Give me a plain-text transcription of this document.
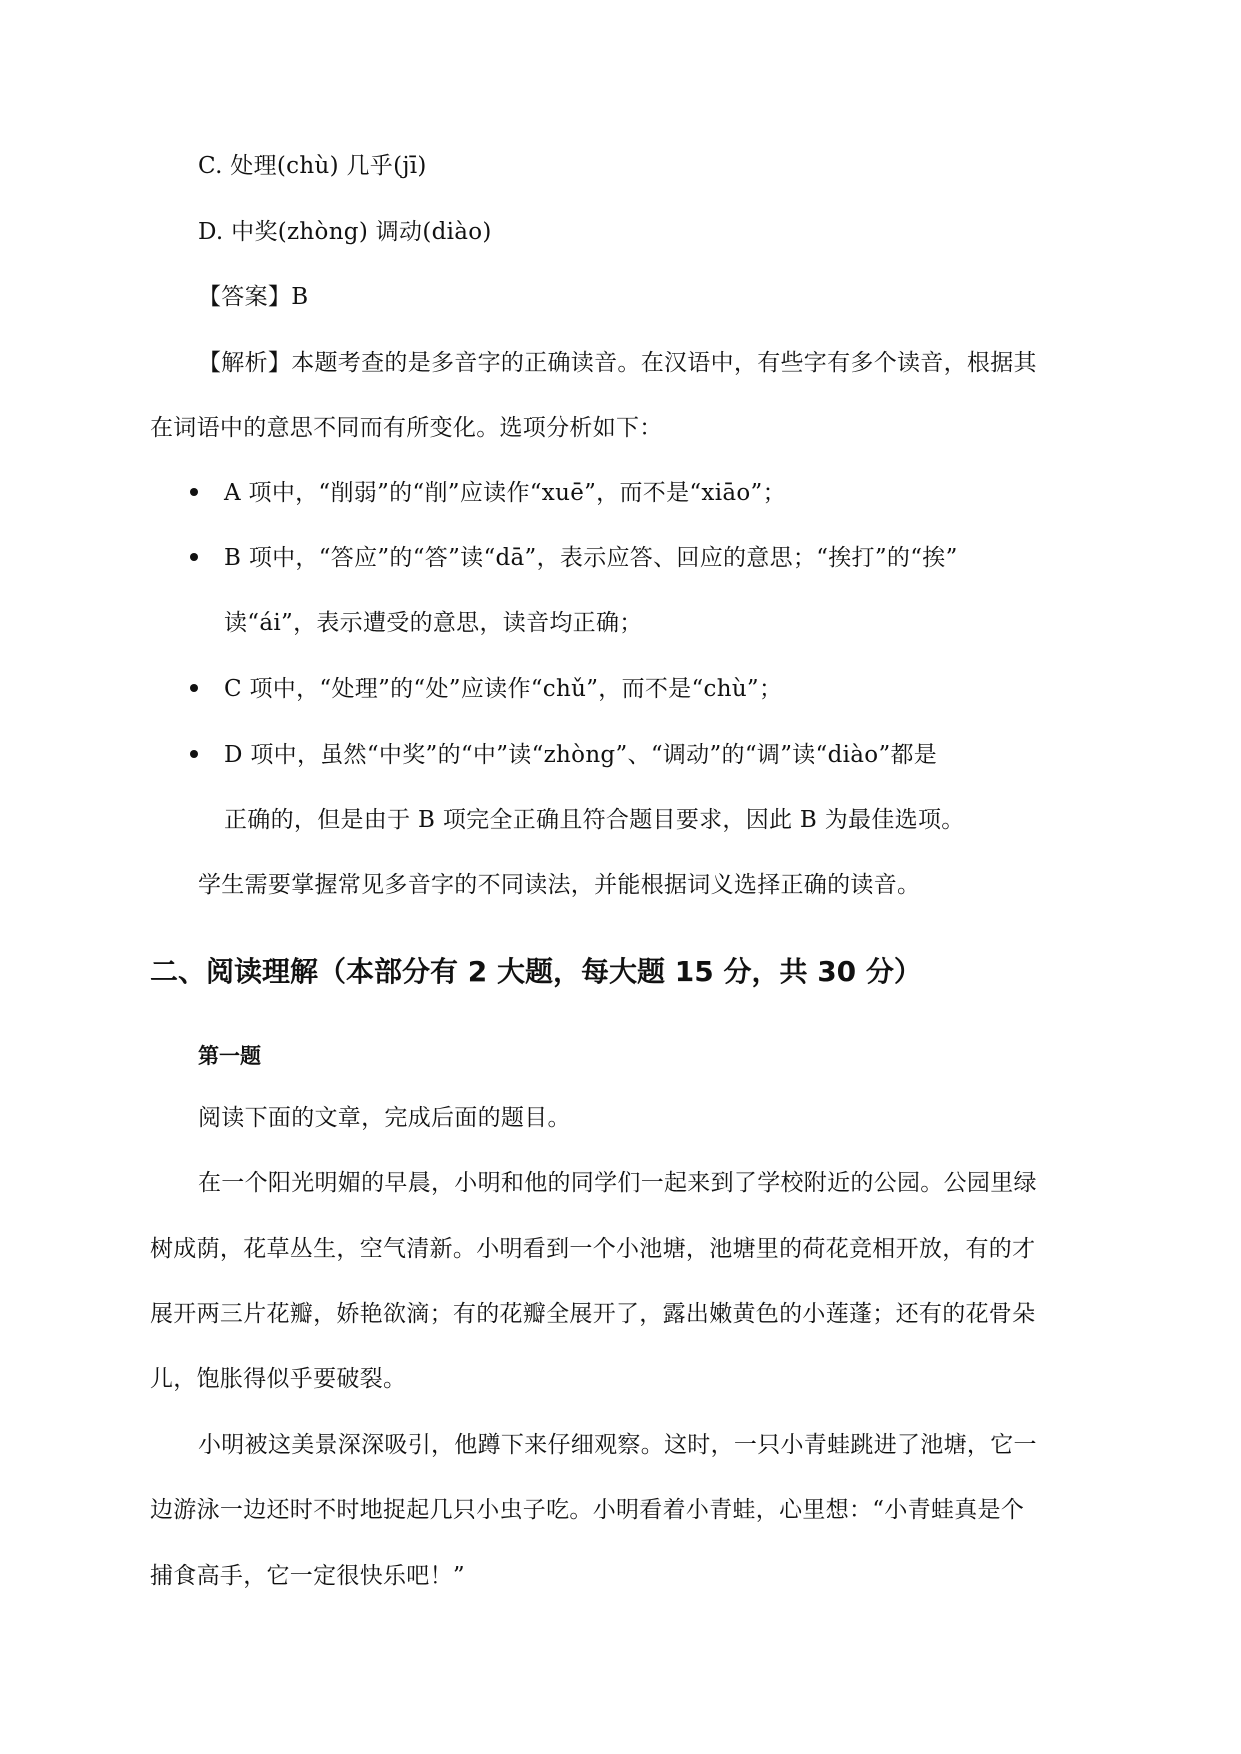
C. 处理(chù) 几乎(jī)
D. 中奖(zhòng) 调动(diào)
【答案】B
【解析】本题考查的是多音字的正确读音。在汉语中，有些字有多个读音，根据其
在词语中的意思不同而有所变化。选项分析如下：
A 项中，“削弱”的“削”应读作“xuē”，而不是“xiāo”；
B 项中，“答应”的“答”读“dā”，表示应答、回应的意思；“挨打”的“挨”
读“ái”，表示遭受的意思，读音均正确；
C 项中，“处理”的“处”应读作“chǔ”，而不是“chù”；
D 项中，虽然“中奖”的“中”读“zhòng”、“调动”的“调”读“diào”都是
正确的，但是由于 B 项完全正确且符合题目要求，因此 B 为最佳选项。
学生需要掌握常见多音字的不同读法，并能根据词义选择正确的读音。
二、阅读理解（本部分有 2 大题，每大题 15 分，共 30 分）
第一题
阅读下面的文章，完成后面的题目。
在一个阳光明媚的早晨，小明和他的同学们一起来到了学校附近的公园。公园里绿
树成荫，花草丛生，空气清新。小明看到一个小池塘，池塘里的荷花竞相开放，有的才
展开两三片花瓣，娇艳欲滴；有的花瓣全展开了，露出嫩黄色的小莲蓬；还有的花骨朵
儿，饱胀得似乎要破裂。
小明被这美景深深吸引，他蹲下来仔细观察。这时，一只小青蛙跳进了池塘，它一
边游泳一边还时不时地捉起几只小虫子吃。小明看着小青蛙，心里想：“小青蛙真是个
捕食高手，它一定很快乐吧！”
